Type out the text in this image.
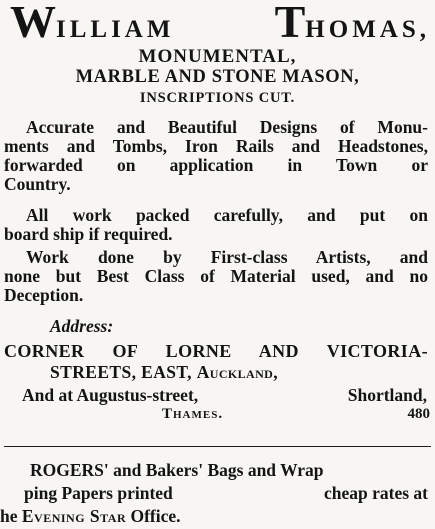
WILLIAM THOMAS,
MONUMENTAL,
MARBLE AND STONE MASON,
INSCRIPTIONS CUT.
Accurate and Beautiful Designs of Monu-
ments and Tombs, Iron Rails and Headstones,
forwarded on application in Town or
Country.
All work packed carefully, and put on
board ship if required.
Work done by First-class Artists, and
none but Best Class of Material used, and no
Deception.
Address:
CORNER OF LORNE AND VICTORIA-
STREETS, EAST, Auckland,
And at Augustus-street,	Shortland,
Thames.	480
ROGERS' and Bakers' Bags and Wrap
ping Papers printed	cheap rates at
he Evening Star Office.
